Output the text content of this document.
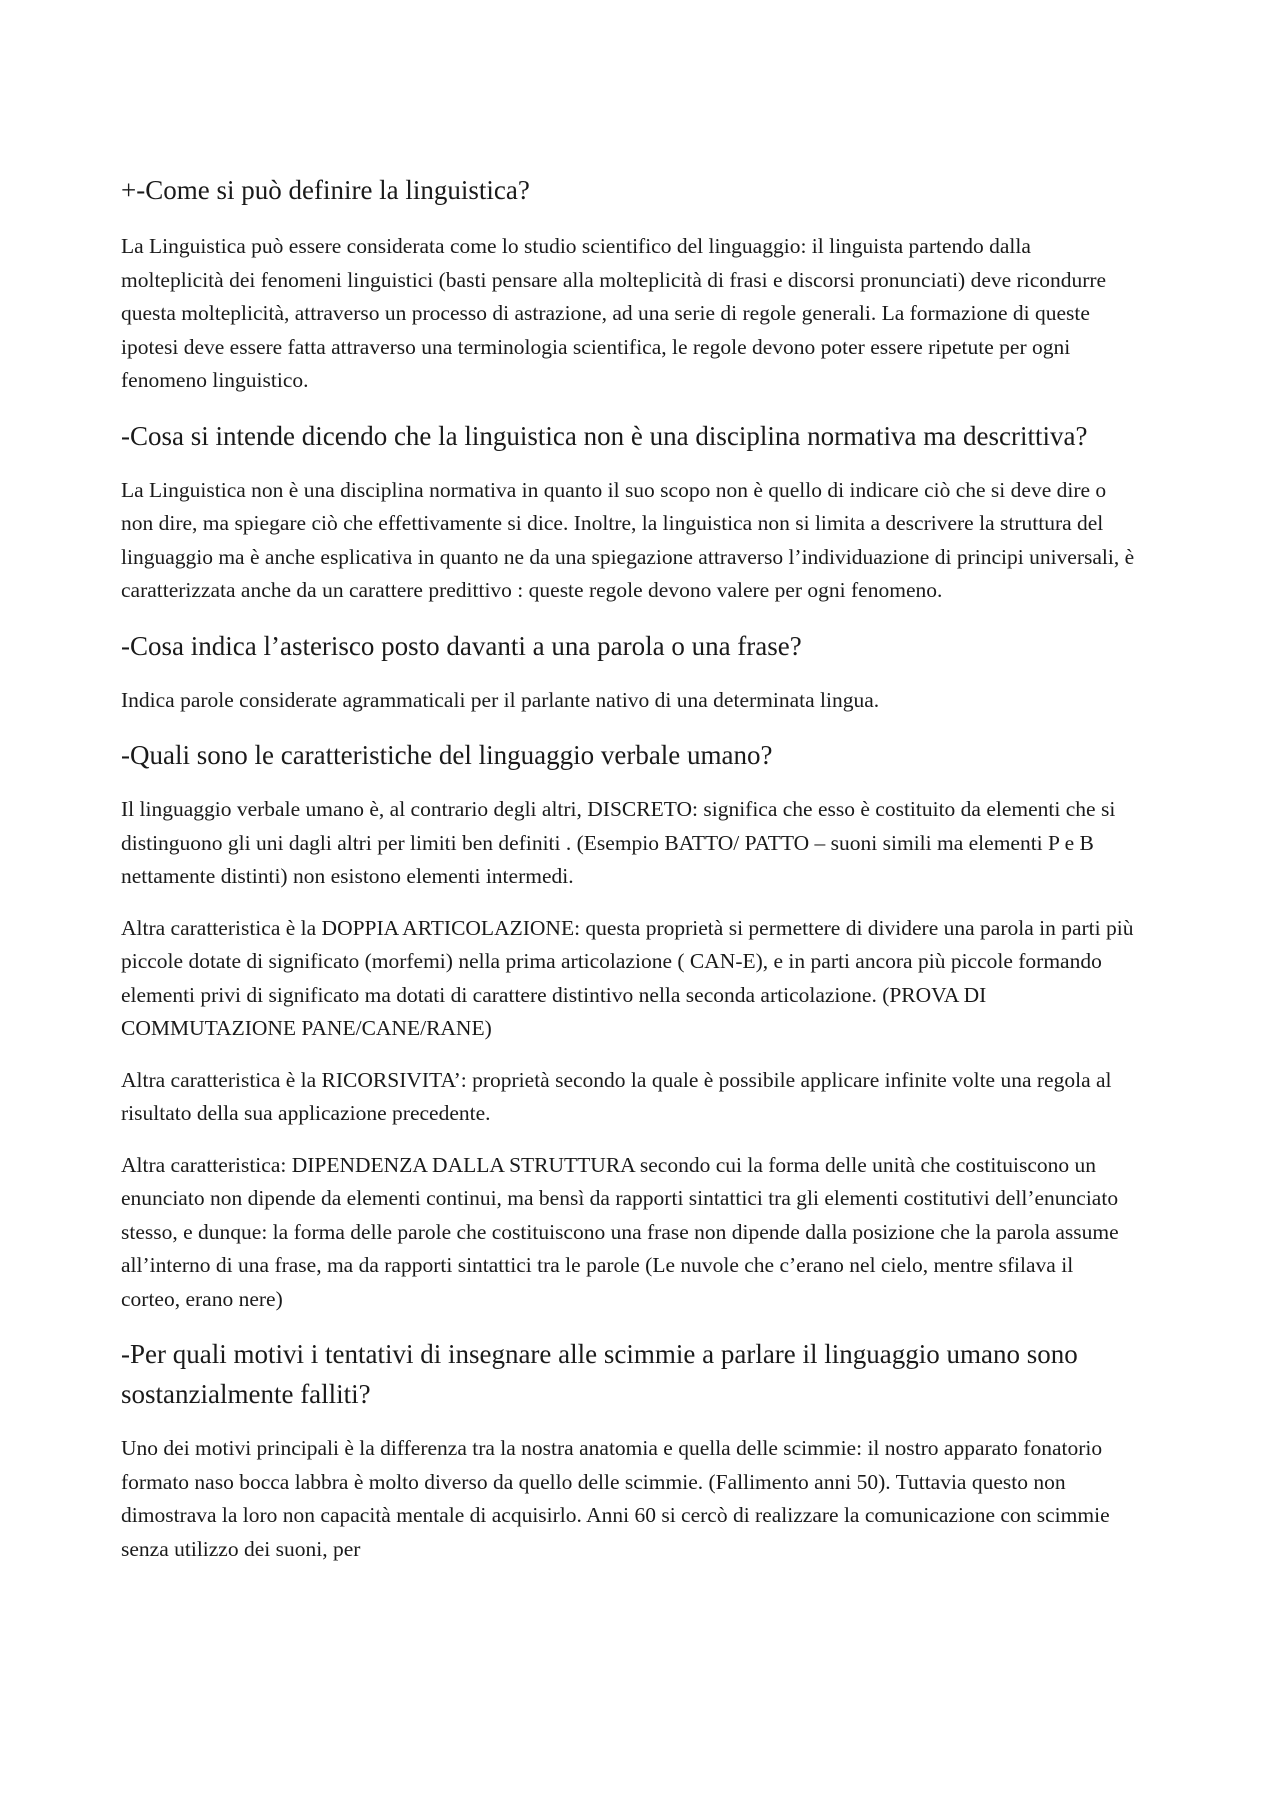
+-Come si può definire la linguistica?

La Linguistica può essere considerata come lo studio scientifico del linguaggio: il linguista partendo dalla molteplicità dei fenomeni linguistici (basti pensare alla molteplicità di frasi e discorsi pronunciati) deve ricondurre questa molteplicità, attraverso un processo di astrazione, ad una serie di regole generali. La formazione di queste ipotesi deve essere fatta attraverso una terminologia scientifica, le regole devono poter essere ripetute per ogni fenomeno linguistico.

-Cosa si intende dicendo che la linguistica non è una disciplina normativa ma descrittiva?

La Linguistica non è una disciplina normativa in quanto il suo scopo non è quello di indicare ciò che si deve dire o non dire, ma spiegare ciò che effettivamente si dice. Inoltre, la linguistica non si limita a descrivere la struttura del linguaggio ma è anche esplicativa in quanto ne da una spiegazione attraverso l’individuazione di principi universali, è caratterizzata anche da un carattere predittivo : queste regole devono valere per ogni fenomeno.

-Cosa indica l’asterisco posto davanti a una parola o una frase?

Indica parole considerate agrammaticali per il parlante nativo di una determinata lingua.

-Quali sono le caratteristiche del linguaggio verbale umano?

Il linguaggio verbale umano è, al contrario degli altri, DISCRETO: significa che esso è costituito da elementi che si distinguono gli uni dagli altri per limiti ben definiti . (Esempio BATTO/ PATTO – suoni simili ma elementi P e B nettamente distinti) non esistono elementi intermedi.

Altra caratteristica è la DOPPIA ARTICOLAZIONE: questa proprietà si permettere di dividere una parola in parti più piccole dotate di significato (morfemi) nella prima articolazione ( CAN-E), e in parti ancora più piccole formando elementi privi di significato ma dotati di carattere distintivo nella seconda articolazione. (PROVA DI COMMUTAZIONE PANE/CANE/RANE)

Altra caratteristica è la RICORSIVITA’: proprietà secondo la quale è possibile applicare infinite volte una regola al risultato della sua applicazione precedente.

Altra caratteristica: DIPENDENZA DALLA STRUTTURA secondo cui la forma delle unità che costituiscono un enunciato non dipende da elementi continui, ma bensì da rapporti sintattici tra gli elementi costitutivi dell’enunciato stesso, e dunque: la forma delle parole che costituiscono una frase non dipende dalla posizione che la parola assume all’interno di una frase, ma da rapporti sintattici tra le parole (Le nuvole che c’erano nel cielo, mentre sfilava il corteo, erano nere)

-Per quali motivi i tentativi di insegnare alle scimmie a parlare il linguaggio umano sono sostanzialmente falliti?

Uno dei motivi principali è la differenza tra la nostra anatomia e quella delle scimmie: il nostro apparato fonatorio formato naso bocca labbra è molto diverso da quello delle scimmie. (Fallimento anni 50). Tuttavia questo non dimostrava la loro non capacità mentale di acquisirlo. Anni 60 si cercò di realizzare la comunicazione con scimmie senza utilizzo dei suoni, per
